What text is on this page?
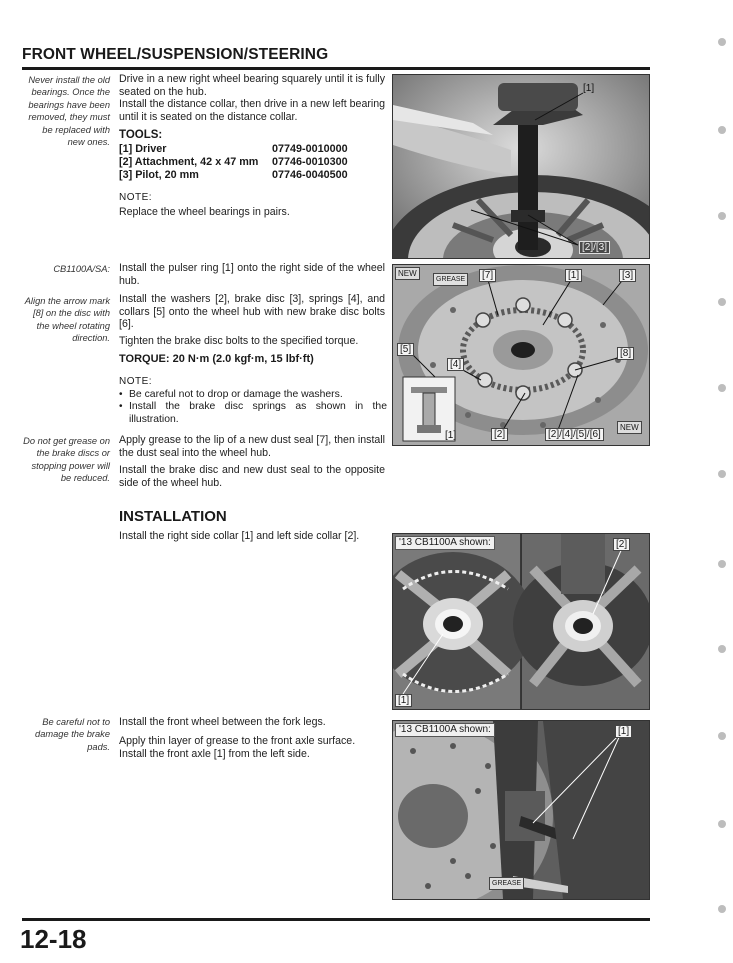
FRONT WHEEL/SUSPENSION/STEERING
Never install the old bearings. Once the bearings have been removed, they must be replaced with new ones.
Drive in a new right wheel bearing squarely until it is fully seated on the hub.
Install the distance collar, then drive in a new left bearing until it is seated on the distance collar.
TOOLS:
[1] Driver	07749-0010000
[2] Attachment, 42 x 47 mm 07746-0010300
[3] Pilot, 20 mm	07746-0040500
NOTE:
Replace the wheel bearings in pairs.
[1]
[2]/[3]
CB1100A/SA: Install the pulser ring [1] onto the right side of the wheel hub.
Align the arrow mark [8] on the disc with the wheel rotating direction.
Install the washers [2], brake disc [3], springs [4], and collars [5] onto the wheel hub with new brake disc bolts [6].
Tighten the brake disc bolts to the specified torque.
TORQUE: 20 N·m (2.0 kgf·m, 15 lbf·ft)
NOTE:
• Be careful not to drop or damage the washers.
• Install the brake disc springs as shown in the illustration.
Do not get grease on the brake discs or stopping power will be reduced.
Apply grease to the lip of a new dust seal [7], then install the dust seal into the wheel hub.
Install the brake disc and new dust seal to the opposite side of the wheel hub.
NEW
GREASE	[7]	[1]	[3]
[5]
[4]
[8]
[1]	[2]	[2]/[4]/[5]/[6]
NEW
INSTALLATION
Install the right side collar [1] and left side collar [2].
'13 CB1100A shown:	[2]
[1]
Be careful not to damage the brake pads.
Install the front wheel between the fork legs.
Apply thin layer of grease to the front axle surface.
Install the front axle [1] from the left side.
'13 CB1100A shown:	[1]
GREASE
12-18
